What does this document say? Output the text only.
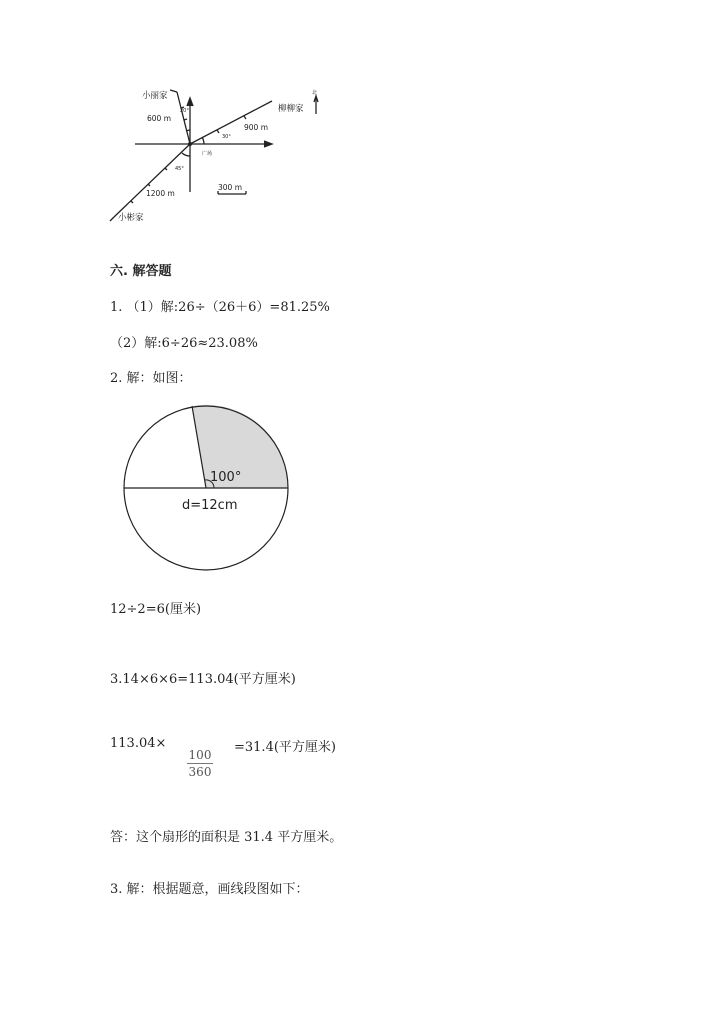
小丽家
600 m
20°	柳柳家
900 m
30°
广场
45°
1200 m
小彬家
北
300 m
六. 解答题
1. （1）解:26÷（26＋6）=81.25%
（2）解:6÷26≈23.08%
2. 解：如图：
100°
d=12cm
12÷2=6(厘米)
3.14×6×6=113.04(平方厘米)
113.04×
100
360
=31.4(平方厘米)
答：这个扇形的面积是 31.4 平方厘米。
3. 解：根据题意，画线段图如下：
